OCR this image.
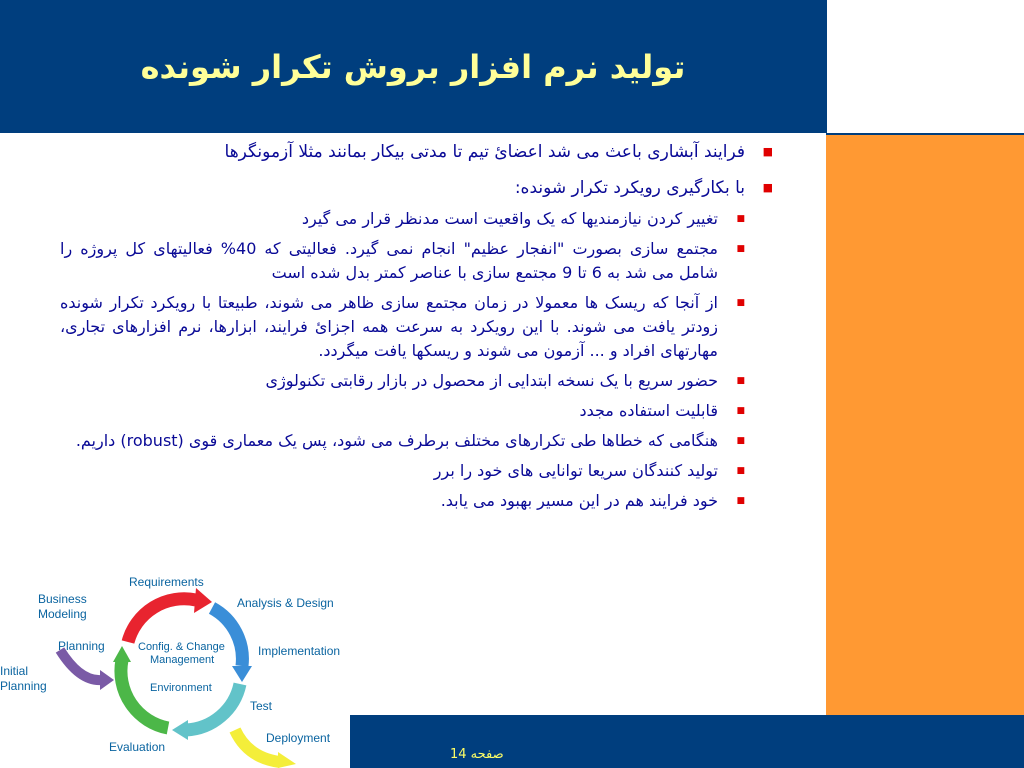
تولید نرم افزار بروش تکرار شونده
■
فرایند آبشاری باعث می شد اعضائ تیم تا مدتی بیکار بمانند مثلا آزمونگرها
■
با بکارگیری رویکرد تکرار شونده:
■
تغییر کردن نیازمندیها که یک واقعیت است مدنظر قرار می گیرد
■
مجتمع سازی بصورت "انفجار عظیم" انجام نمی گیرد. فعالیتی که 40% فعالیتهای کل پروژه را شامل می شد به 6 تا 9 مجتمع سازی با عناصر کمتر بدل شده است
■
از آنجا که ریسک ها معمولا در زمان مجتمع سازی ظاهر می شوند، طبیعتا با رویکرد تکرار شونده زودتر یافت می شوند. با این رویکرد به سرعت همه اجزائ فرایند، ابزارها، نرم افزارهای تجاری، مهارتهای افراد و ... آزمون می شوند و ریسکها یافت میگردد.
■
حضور سریع با یک نسخه ابتدایی از محصول در بازار رقابتی تکنولوژی
■
قابلیت استفاده مجدد
■
هنگامی که خطاها طی تکرارهای مختلف برطرف می شود، پس یک معماری قوی (robust) داریم.
■
تولید کنندگان سریعا توانایی های خود را برر
■
خود فرایند هم در این مسیر بهبود می یابد.
صفحه 14
Requirements
Analysis & Design
Implementation
Test
Deployment
Evaluation
Business
Modeling
Planning
Initial
Planning
Config. & Change
Management
Environment
